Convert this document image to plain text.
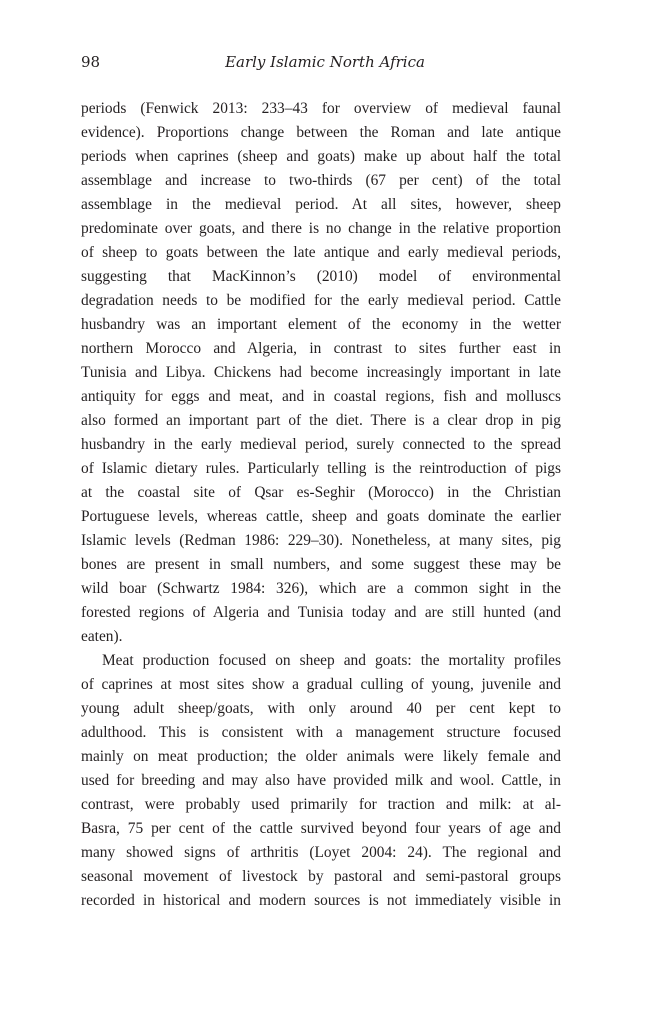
98	Early Islamic North Africa
periods (Fenwick 2013: 233–43 for overview of medieval faunal
evidence). Proportions change between the Roman and late antique
periods when caprines (sheep and goats) make up about half the total
assemblage and increase to two-thirds (67 per cent) of the total
assemblage in the medieval period. At all sites, however, sheep
predominate over goats, and there is no change in the relative proportion
of sheep to goats between the late antique and early medieval periods,
suggesting that MacKinnon’s (2010) model of environmental
degradation needs to be modified for the early medieval period. Cattle
husbandry was an important element of the economy in the wetter
northern Morocco and Algeria, in contrast to sites further east in
Tunisia and Libya. Chickens had become increasingly important in late
antiquity for eggs and meat, and in coastal regions, fish and molluscs
also formed an important part of the diet. There is a clear drop in pig
husbandry in the early medieval period, surely connected to the spread
of Islamic dietary rules. Particularly telling is the reintroduction of pigs
at the coastal site of Qsar es-Seghir (Morocco) in the Christian
Portuguese levels, whereas cattle, sheep and goats dominate the earlier
Islamic levels (Redman 1986: 229–30). Nonetheless, at many sites, pig
bones are present in small numbers, and some suggest these may be
wild boar (Schwartz 1984: 326), which are a common sight in the
forested regions of Algeria and Tunisia today and are still hunted (and
eaten).
Meat production focused on sheep and goats: the mortality profiles
of caprines at most sites show a gradual culling of young, juvenile and
young adult sheep/goats, with only around 40 per cent kept to
adulthood. This is consistent with a management structure focused
mainly on meat production; the older animals were likely female and
used for breeding and may also have provided milk and wool. Cattle, in
contrast, were probably used primarily for traction and milk: at al-
Basra, 75 per cent of the cattle survived beyond four years of age and
many showed signs of arthritis (Loyet 2004: 24). The regional and
seasonal movement of livestock by pastoral and semi-pastoral groups
recorded in historical and modern sources is not immediately visible in
